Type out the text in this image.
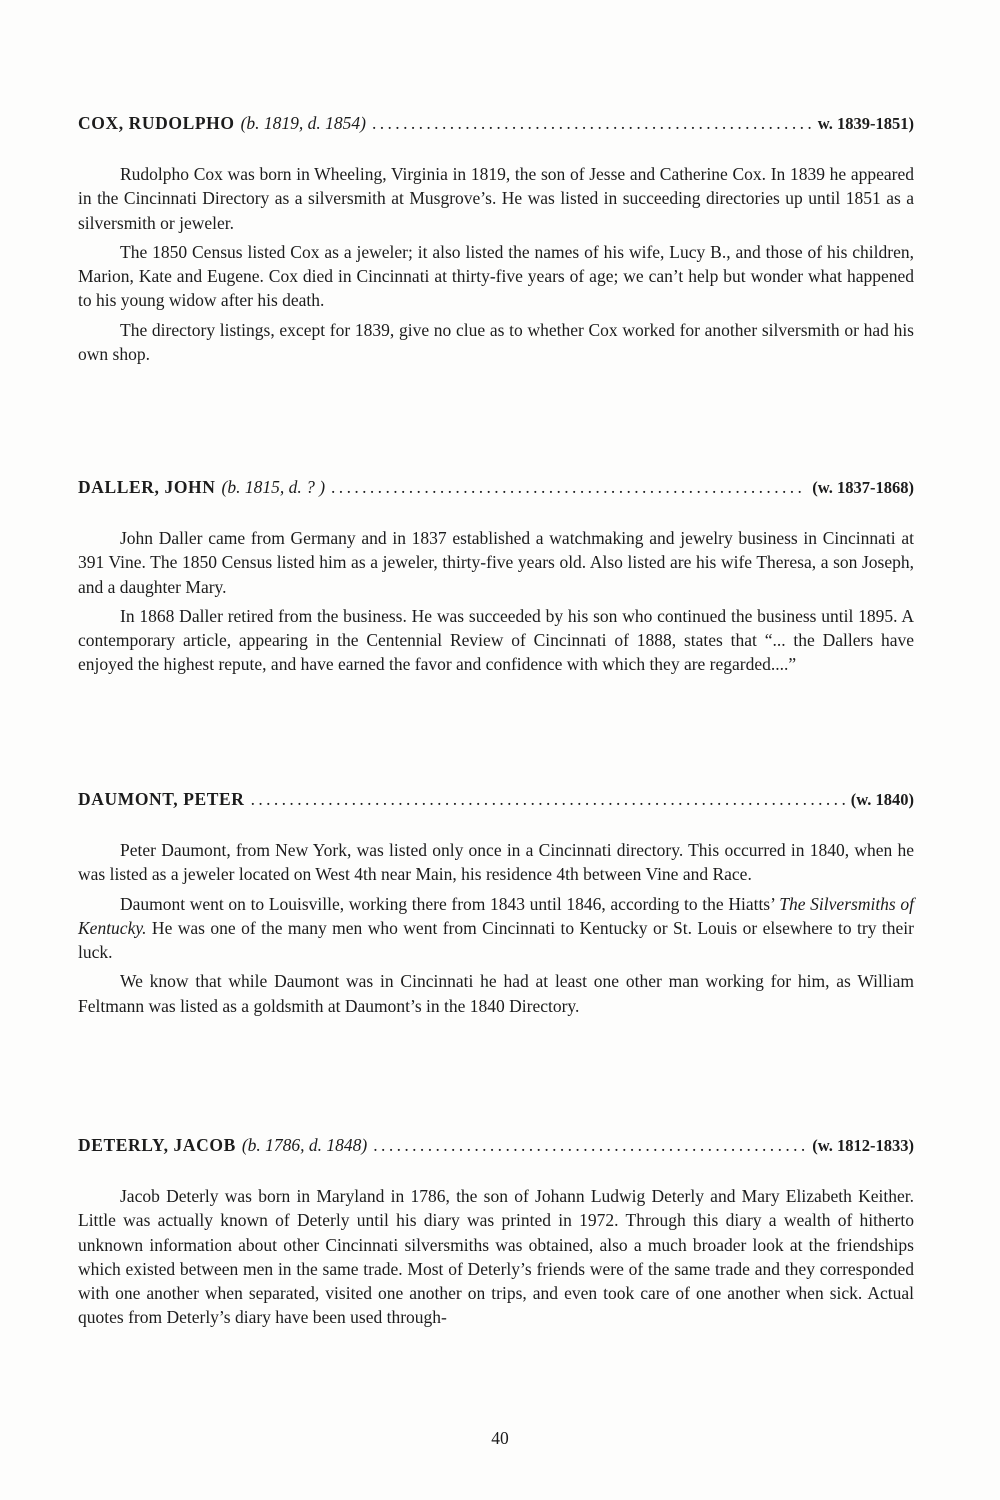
COX, RUDOLPHO (b. 1819, d. 1854) .....	w. 1839-1851)

Rudolpho Cox was born in Wheeling, Virginia in 1819, the son of Jesse and Catherine Cox. In 1839 he appeared in the Cincinnati Directory as a silversmith at Musgrove’s. He was listed in succeeding directories up until 1851 as a silversmith or jeweler.

The 1850 Census listed Cox as a jeweler; it also listed the names of his wife, Lucy B., and those of his children, Marion, Kate and Eugene. Cox died in Cincinnati at thirty-five years of age; we can’t help but wonder what happened to his young widow after his death.

The directory listings, except for 1839, give no clue as to whether Cox worked for another silversmith or had his own shop.

DALLER, JOHN (b. 1815, d. ? ) .....	(w. 1837-1868)

John Daller came from Germany and in 1837 established a watchmaking and jewelry business in Cincinnati at 391 Vine. The 1850 Census listed him as a jeweler, thirty-five years old. Also listed are his wife Theresa, a son Joseph, and a daughter Mary.

In 1868 Daller retired from the business. He was succeeded by his son who continued the business until 1895. A contemporary article, appearing in the Centennial Review of Cincinnati of 1888, states that “... the Dallers have enjoyed the highest repute, and have earned the favor and confidence with which they are regarded....”

DAUMONT, PETER .....	(w. 1840)

Peter Daumont, from New York, was listed only once in a Cincinnati directory. This occurred in 1840, when he was listed as a jeweler located on West 4th near Main, his residence 4th between Vine and Race.

Daumont went on to Louisville, working there from 1843 until 1846, according to the Hiatts’ The Silversmiths of Kentucky. He was one of the many men who went from Cincinnati to Kentucky or St. Louis or elsewhere to try their luck.

We know that while Daumont was in Cincinnati he had at least one other man working for him, as William Feltmann was listed as a goldsmith at Daumont’s in the 1840 Directory.

DETERLY, JACOB (b. 1786, d. 1848) .....	(w. 1812-1833)

Jacob Deterly was born in Maryland in 1786, the son of Johann Ludwig Deterly and Mary Elizabeth Keither. Little was actually known of Deterly until his diary was printed in 1972. Through this diary a wealth of hitherto unknown information about other Cincinnati silversmiths was obtained, also a much broader look at the friendships which existed between men in the same trade. Most of Deterly’s friends were of the same trade and they corresponded with one another when separated, visited one another on trips, and even took care of one another when sick. Actual quotes from Deterly’s diary have been used through-

40
